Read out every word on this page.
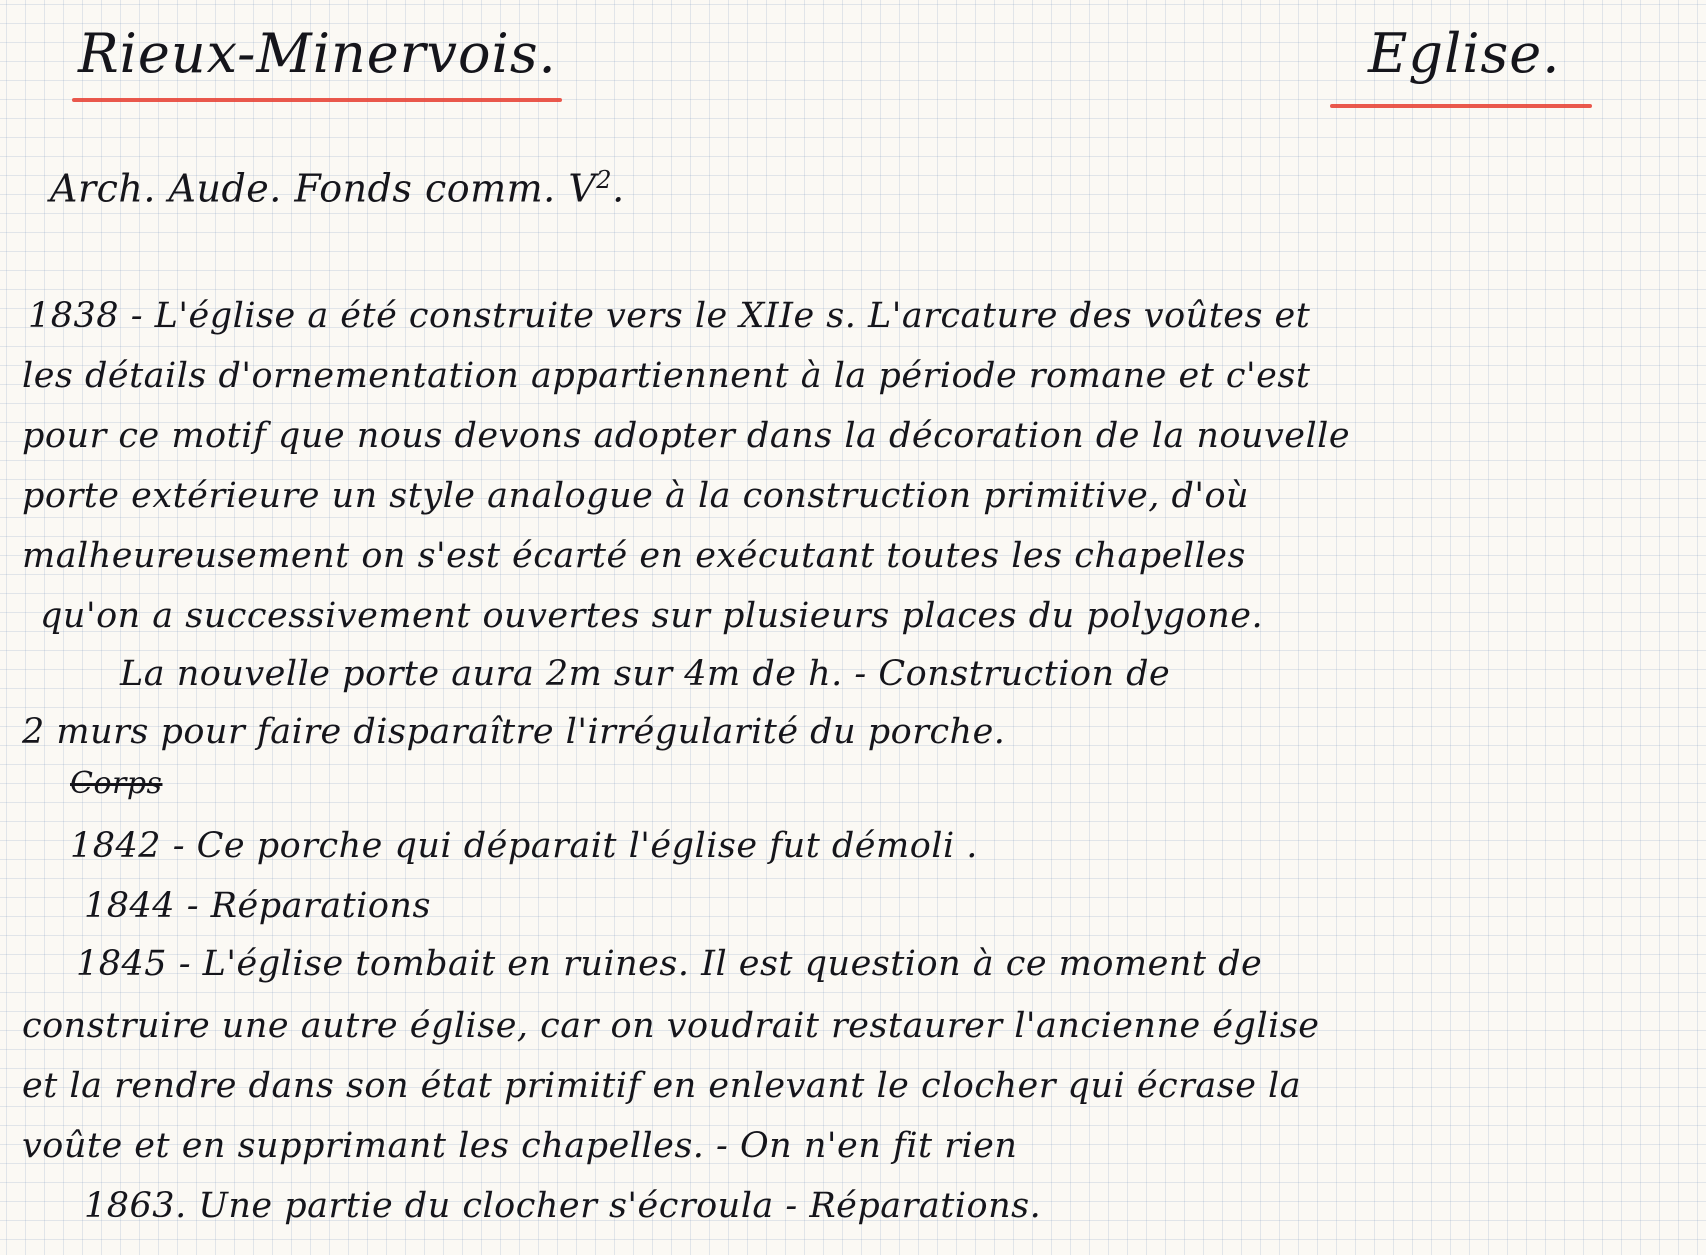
Rieux-Minervois.	Eglise.
Arch. Aude. Fonds comm. $V^2$.
1838 - L'église a été construite vers le XIIe s. L'arcature des voûtes et
les détails d'ornementation appartiennent à la période romane et c'est
pour ce motif que nous devons adopter dans la décoration de la nouvelle
porte extérieure un style analogue à la construction primitive, d'où
malheureusement on s'est écarté en exécutant toutes les chapelles
qu'on a successivement ouvertes sur plusieurs places du polygone.
La nouvelle porte aura 2m sur 4m de h. - Construction de
2 murs pour faire disparaître l'irrégularité du porche.
Corps
1842 - Ce porche qui déparait l'église fut démoli .
1844 - Réparations
1845 - L'église tombait en ruines. Il est question à ce moment de
construire une autre église, car on voudrait restaurer l'ancienne église
et la rendre dans son état primitif en enlevant le clocher qui écrase la
voûte et en supprimant les chapelles. - On n'en fit rien
1863. Une partie du clocher s'écroula - Réparations.
